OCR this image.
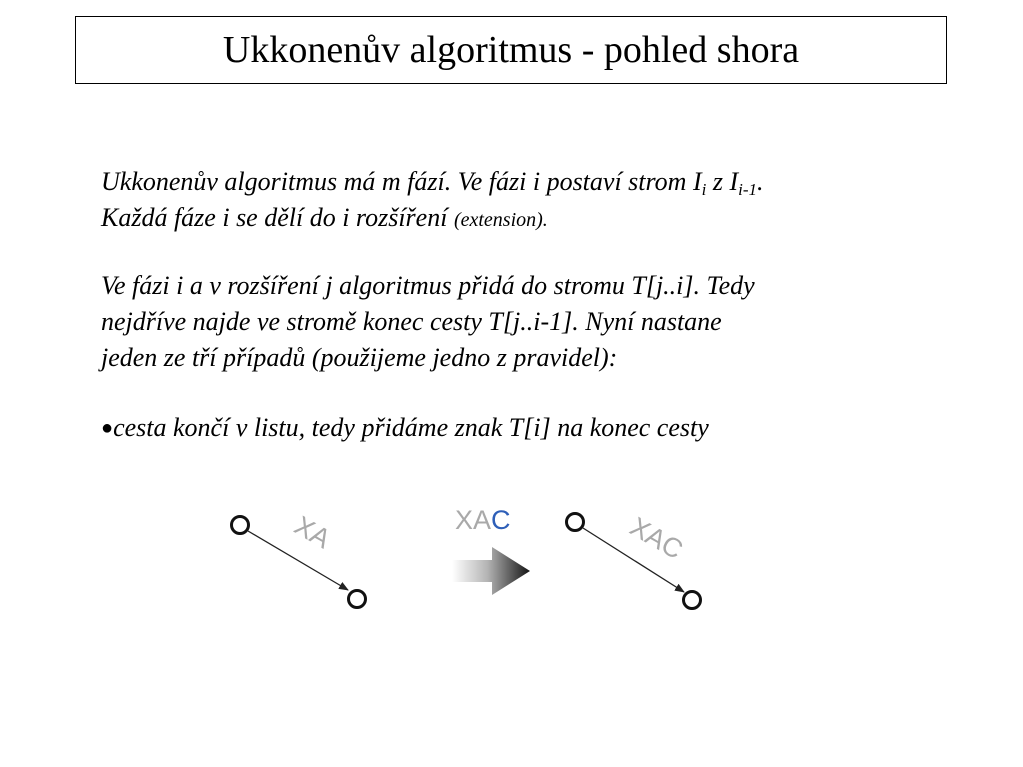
Ukkonenův algoritmus - pohled shora
Ukkonenův algoritmus má m fází. Ve fázi i postaví strom $I_i$ z $I_{i-1}$.
Každá fáze i se dělí do i rozšíření (extension).
Ve fázi i a v rozšíření j algoritmus přidá do stromu T[j..i]. Tedy
nejdříve najde ve stromě konec cesty T[j..i-1]. Nyní nastane
jeden ze tří případů (použijeme jedno z pravidel):
●cesta končí v listu, tedy přidáme znak T[i] na konec cesty
XA	XAC	XAC
